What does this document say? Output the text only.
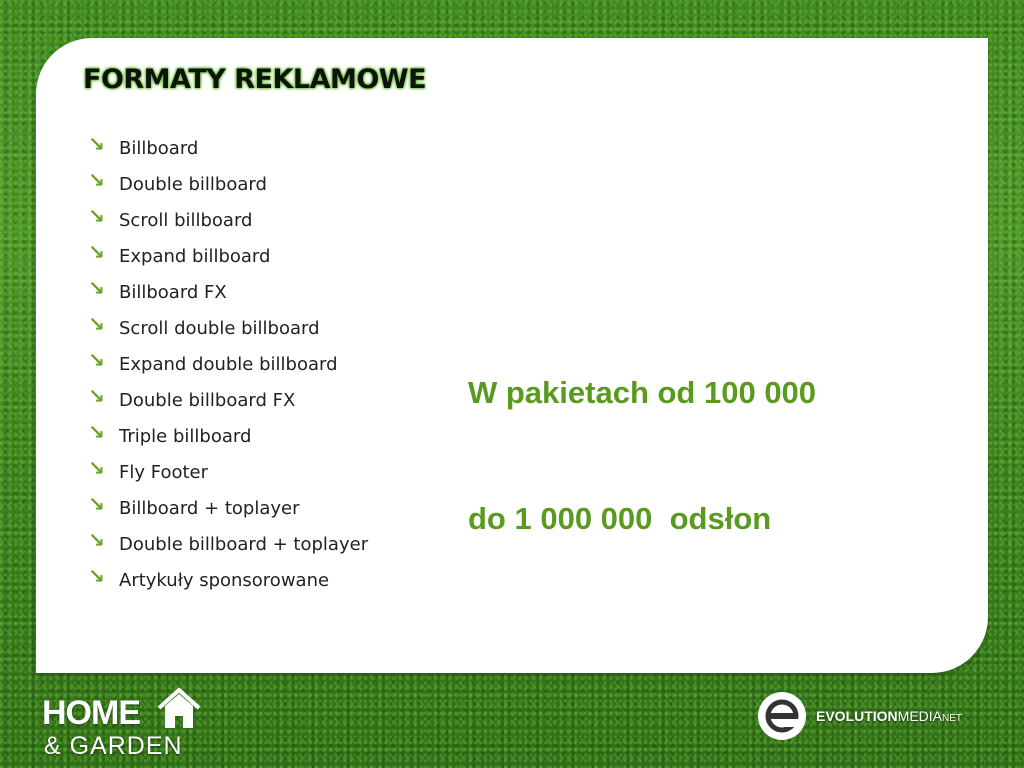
FORMATY REKLAMOWE
↘ Billboard
↘ Double billboard
↘ Scroll billboard
↘ Expand billboard
↘ Billboard FX
↘ Scroll double billboard
↘ Expand double billboard
↘ Double billboard FX
↘ Triple billboard
↘ Fly Footer
↘ Billboard + toplayer
↘ Double billboard + toplayer
↘ Artykuły sponsorowane

W pakietach od 100 000

do 1 000 000  odsłon

HOME
& GARDEN
EVOLUTIONMEDIANET
